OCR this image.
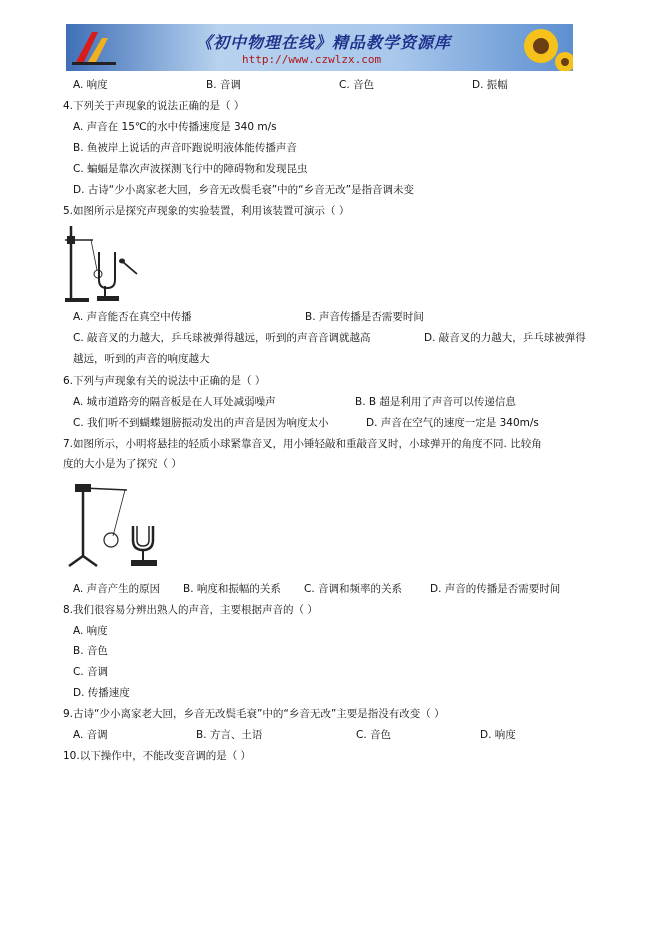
《初中物理在线》精品教学资源库
http://www.czwlzx.com
A. 响度	B. 音调	C. 音色	D. 振幅
4.下列关于声现象的说法正确的是（ ）
A. 声音在 15℃的水中传播速度是 340 m/s
B. 鱼被岸上说话的声音吓跑说明液体能传播声音
C. 蝙蝠是靠次声波探测飞行中的障碍物和发现昆虫
D. 古诗“少小离家老大回，乡音无改鬓毛衰”中的“乡音无改”是指音调未变
5.如图所示是探究声现象的实验装置，利用该装置可演示（ ）
A. 声音能否在真空中传播	B. 声音传播是否需要时间
C. 敲音叉的力越大，乒乓球被弹得越远，听到的声音音调就越高	D. 敲音叉的力越大，乒乓球被弹得
越远，听到的声音的响度越大
6.下列与声现象有关的说法中正确的是（ ）
A. 城市道路旁的隔音板是在人耳处减弱噪声	B. B 超是利用了声音可以传递信息
C. 我们听不到蝴蝶翅膀振动发出的声音是因为响度太小	D. 声音在空气的速度一定是 340m/s
7.如图所示，小明将悬挂的轻质小球紧靠音叉，用小锤轻敲和重敲音叉时，小球弹开的角度不同. 比较角
度的大小是为了探究（ ）
A. 声音产生的原因 B. 响度和振幅的关系 C. 音调和频率的关系	D. 声音的传播是否需要时间
8.我们很容易分辨出熟人的声音，主要根据声音的（ ）
A. 响度
B. 音色
C. 音调
D. 传播速度
9.古诗“少小离家老大回，乡音无改鬓毛衰”中的“乡音无改”主要是指没有改变（ ）
A. 音调	B. 方言、土语	C. 音色	D. 响度
10.以下操作中，不能改变音调的是（ ）
